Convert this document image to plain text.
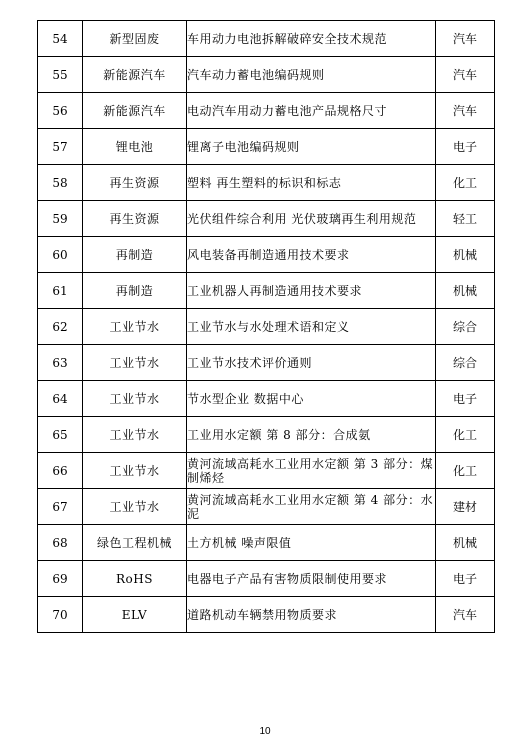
54	新型固废	车用动力电池拆解破碎安全技术规范	汽车
55	新能源汽车	汽车动力蓄电池编码规则	汽车
56	新能源汽车	电动汽车用动力蓄电池产品规格尺寸	汽车
57	锂电池	锂离子电池编码规则	电子
58	再生资源	塑料 再生塑料的标识和标志	化工
59	再生资源	光伏组件综合利用 光伏玻璃再生利用规范	轻工
60	再制造	风电装备再制造通用技术要求	机械
61	再制造	工业机器人再制造通用技术要求	机械
62	工业节水	工业节水与水处理术语和定义	综合
63	工业节水	工业节水技术评价通则	综合
64	工业节水	节水型企业 数据中心	电子
65	工业节水	工业用水定额 第 8 部分：合成氨	化工
66	工业节水	黄河流域高耗水工业用水定额 第 3 部分：煤制烯烃	化工
67	工业节水	黄河流域高耗水工业用水定额 第 4 部分：水泥	建材
68	绿色工程机械	土方机械 噪声限值	机械
69	RoHS	电器电子产品有害物质限制使用要求	电子
70	ELV	道路机动车辆禁用物质要求	汽车
10
